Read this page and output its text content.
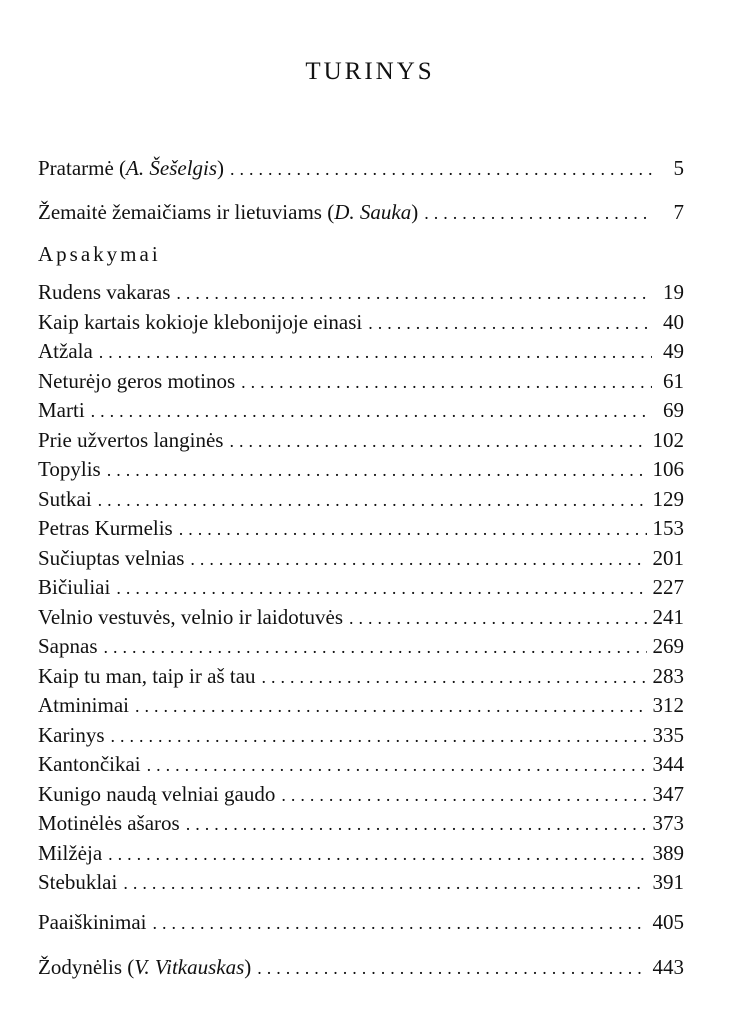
TURINYS
Pratarmė (A. Šešelgis) .....	5
Žemaitė žemaičiams ir lietuviams (D. Sauka) .....	7
Apsakymai
Rudens vakaras .....	19
Kaip kartais kokioje klebonijoje einasi .....	40
Atžala .....	49
Neturėjo geros motinos .....	61
Marti .....	69
Prie užvertos langinės .....	102
Topylis .....	106
Sutkai .....	129
Petras Kurmelis .....	153
Sučiuptas velnias .....	201
Bičiuliai .....	227
Velnio vestuvės, velnio ir laidotuvės .....	241
Sapnas .....	269
Kaip tu man, taip ir aš tau .....	283
Atminimai .....	312
Karinys .....	335
Kantončikai .....	344
Kunigo naudą velniai gaudo .....	347
Motinėlės ašaros .....	373
Milžėja .....	389
Stebuklai .....	391
Paaiškinimai .....	405
Žodynėlis (V. Vitkauskas) .....	443
